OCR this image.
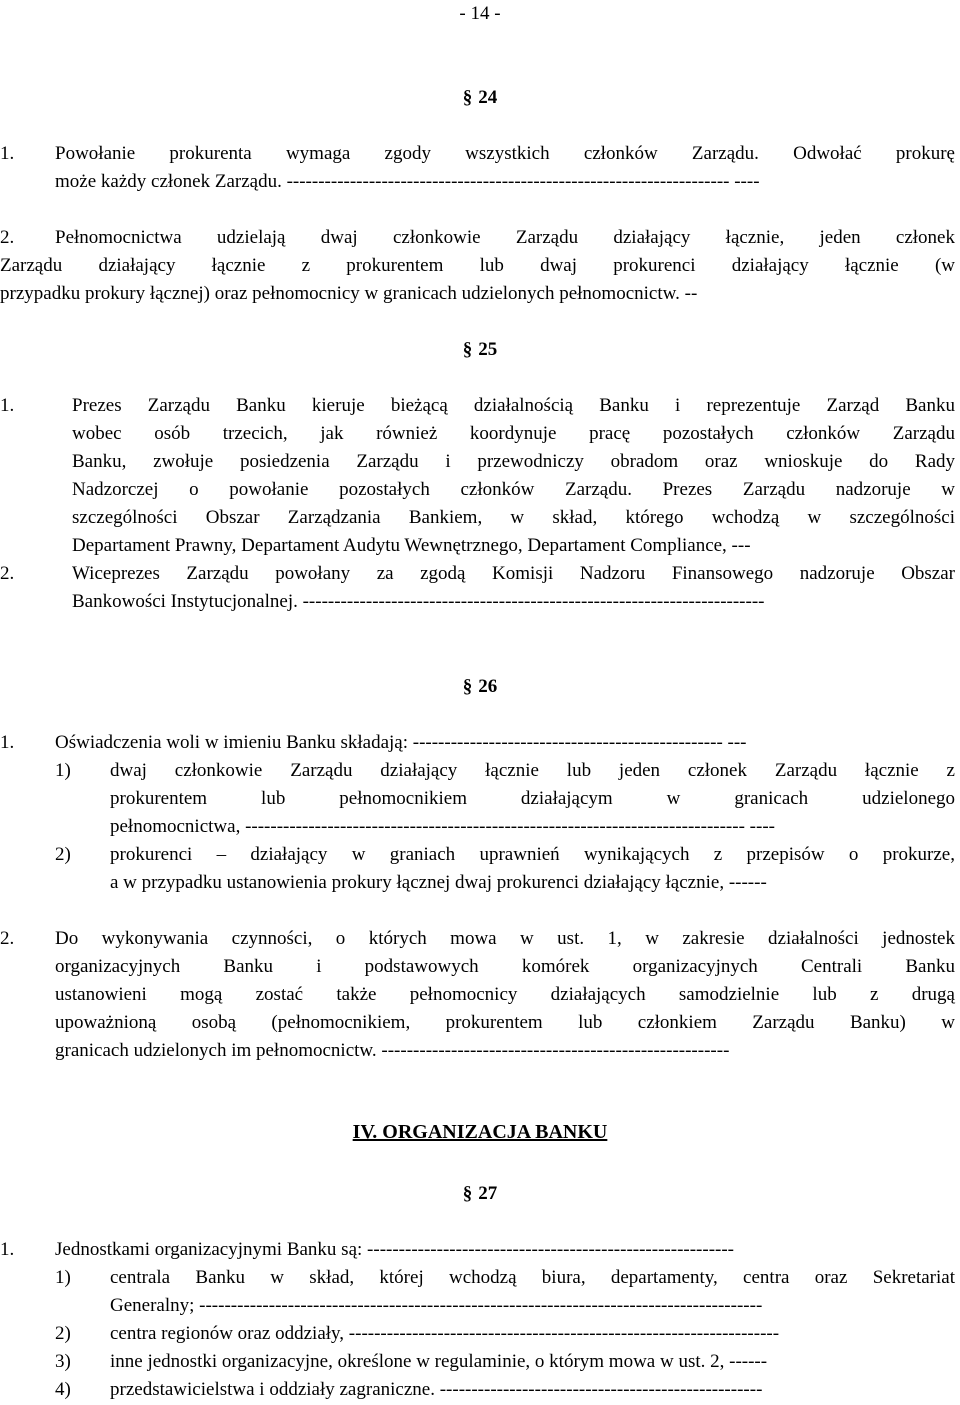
- 14 -
§ 24
1. Powołanie prokurenta wymaga zgody wszystkich członków Zarządu. Odwołać prokurę
może każdy członek Zarządu. ---------------------------------------------------------------------- ----
2. Pełnomocnictwa udzielają dwaj członkowie Zarządu działający łącznie, jeden członek
Zarządu działający łącznie z prokurentem lub dwaj prokurenci działający łącznie (w
przypadku prokury łącznej) oraz pełnomocnicy w granicach udzielonych pełnomocnictw. --
§ 25
1.	Prezes Zarządu Banku kieruje bieżącą działalnością Banku i reprezentuje Zarząd Banku
wobec osób trzecich, jak również koordynuje pracę pozostałych członków Zarządu
Banku, zwołuje posiedzenia Zarządu i przewodniczy obradom oraz wnioskuje do Rady
Nadzorczej o powołanie pozostałych członków Zarządu. Prezes Zarządu nadzoruje w
szczególności Obszar Zarządzania Bankiem, w skład, którego wchodzą w szczególności
Departament Prawny, Departament Audytu Wewnętrznego, Departament Compliance, ---
2.	Wiceprezes Zarządu powołany za zgodą Komisji Nadzoru Finansowego nadzoruje Obszar
Bankowości Instytucjonalnej. -------------------------------------------------------------------------
§ 26
1. Oświadczenia woli w imieniu Banku składają: ------------------------------------------------- ---
1) dwaj członkowie Zarządu działający łącznie lub jeden członek Zarządu łącznie z
prokurentem lub pełnomocnikiem działającym w granicach udzielonego
pełnomocnictwa, ------------------------------------------------------------------------------- ----
2) prokurenci – działający w graniach uprawnień wynikających z przepisów o prokurze,
a w przypadku ustanowienia prokury łącznej dwaj prokurenci działający łącznie, ------
2. Do wykonywania czynności, o których mowa w ust. 1, w zakresie działalności jednostek
organizacyjnych Banku i podstawowych komórek organizacyjnych Centrali Banku
ustanowieni mogą zostać także pełnomocnicy działających samodzielnie lub z drugą
upoważnioną osobą (pełnomocnikiem, prokurentem lub członkiem Zarządu Banku) w
granicach udzielonych im pełnomocnictw. -------------------------------------------------------
IV. ORGANIZACJA BANKU
§ 27
1. Jednostkami organizacyjnymi Banku są: ----------------------------------------------------------
1) centrala Banku w skład, której wchodzą biura, departamenty, centra oraz Sekretariat
Generalny; -----------------------------------------------------------------------------------------
2) centra regionów oraz oddziały, --------------------------------------------------------------------
3) inne jednostki organizacyjne, określone w regulaminie, o którym mowa w ust. 2, ------
4) przedstawicielstwa i oddziały zagraniczne. ---------------------------------------------------
